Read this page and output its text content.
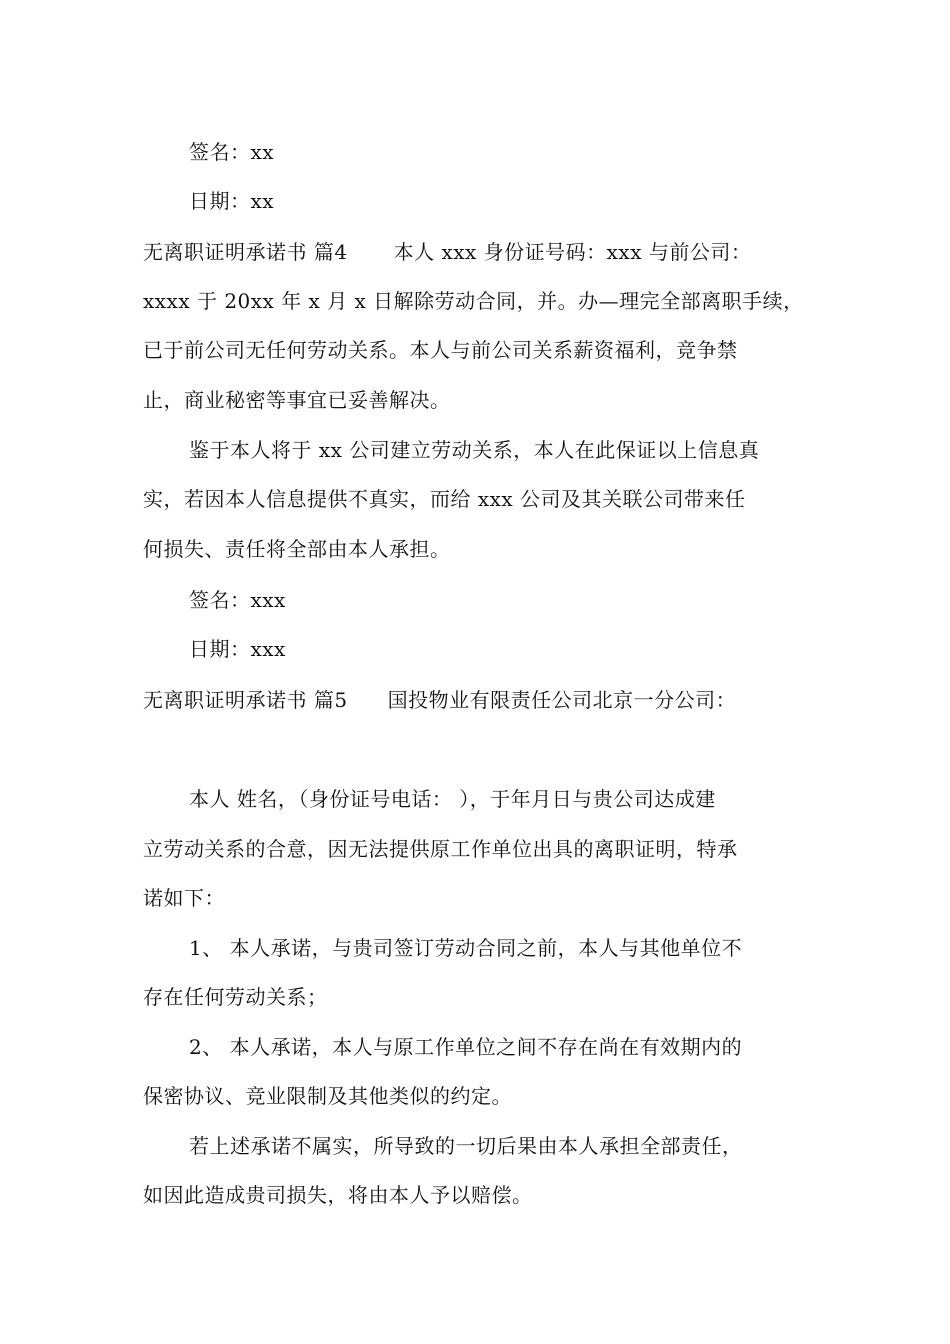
签名：xx
日期：xx
无离职证明承诺书 篇4 本人 xxx 身份证号码：xxx 与前公司：
xxxx 于 20xx 年 x 月 x 日解除劳动合同，并。办—理完全部离职手续，
已于前公司无任何劳动关系。本人与前公司关系薪资福利，竞争禁
止，商业秘密等事宜已妥善解决。
鉴于本人将于 xx 公司建立劳动关系，本人在此保证以上信息真
实，若因本人信息提供不真实，而给 xxx 公司及其关联公司带来任
何损失、责任将全部由本人承担。
签名：xxx
日期：xxx
无离职证明承诺书 篇5 国投物业有限责任公司北京一分公司：
本人 姓名，（身份证号电话： ），于年月日与贵公司达成建
立劳动关系的合意，因无法提供原工作单位出具的离职证明，特承
诺如下：
1、 本人承诺，与贵司签订劳动合同之前，本人与其他单位不
存在任何劳动关系；
2、 本人承诺，本人与原工作单位之间不存在尚在有效期内的
保密协议、竞业限制及其他类似的约定。
若上述承诺不属实，所导致的一切后果由本人承担全部责任，
如因此造成贵司损失，将由本人予以赔偿。
